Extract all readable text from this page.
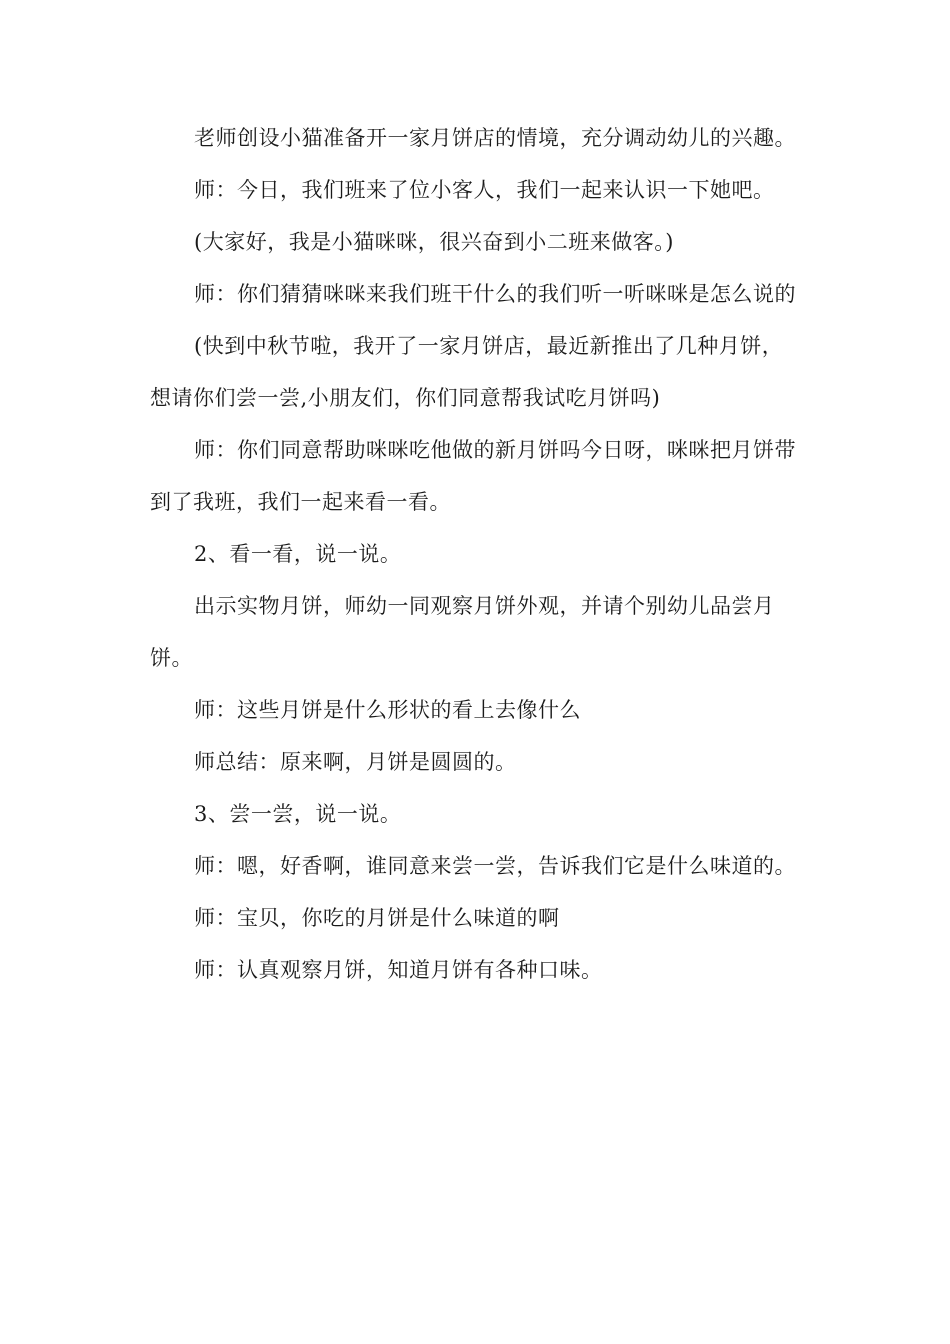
老师创设小猫准备开一家月饼店的情境，充分调动幼儿的兴趣。

师：今日，我们班来了位小客人，我们一起来认识一下她吧。

(大家好，我是小猫咪咪，很兴奋到小二班来做客。)

师：你们猜猜咪咪来我们班干什么的我们听一听咪咪是怎么说的

(快到中秋节啦，我开了一家月饼店，最近新推出了几种月饼，想请你们尝一尝,小朋友们，你们同意帮我试吃月饼吗)

师：你们同意帮助咪咪吃他做的新月饼吗今日呀，咪咪把月饼带到了我班，我们一起来看一看。

2、看一看，说一说。

出示实物月饼，师幼一同观察月饼外观，并请个别幼儿品尝月饼。

师：这些月饼是什么形状的看上去像什么

师总结：原来啊，月饼是圆圆的。

3、尝一尝，说一说。

师：嗯，好香啊，谁同意来尝一尝，告诉我们它是什么味道的。

师：宝贝，你吃的月饼是什么味道的啊

师：认真观察月饼，知道月饼有各种口味。
